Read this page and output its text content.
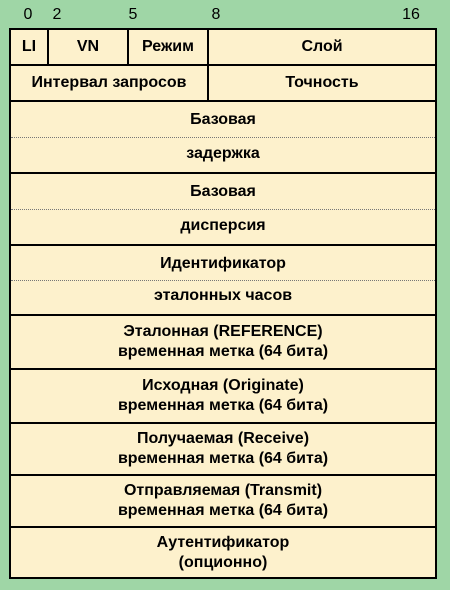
0 2	5	8	16
LI	VN	Режим	Слой
Интервал запросов	Точность
Базовая
задержка
Базовая
дисперсия
Идентификатор
эталонных часов
Эталонная (REFERENCE)
временная метка (64 бита)
Исходная (Originate)
временная метка (64 бита)
Получаемая (Receive)
временная метка (64 бита)
Отправляемая (Transmit)
временная метка (64 бита)
Аутентификатор
(опционно)
